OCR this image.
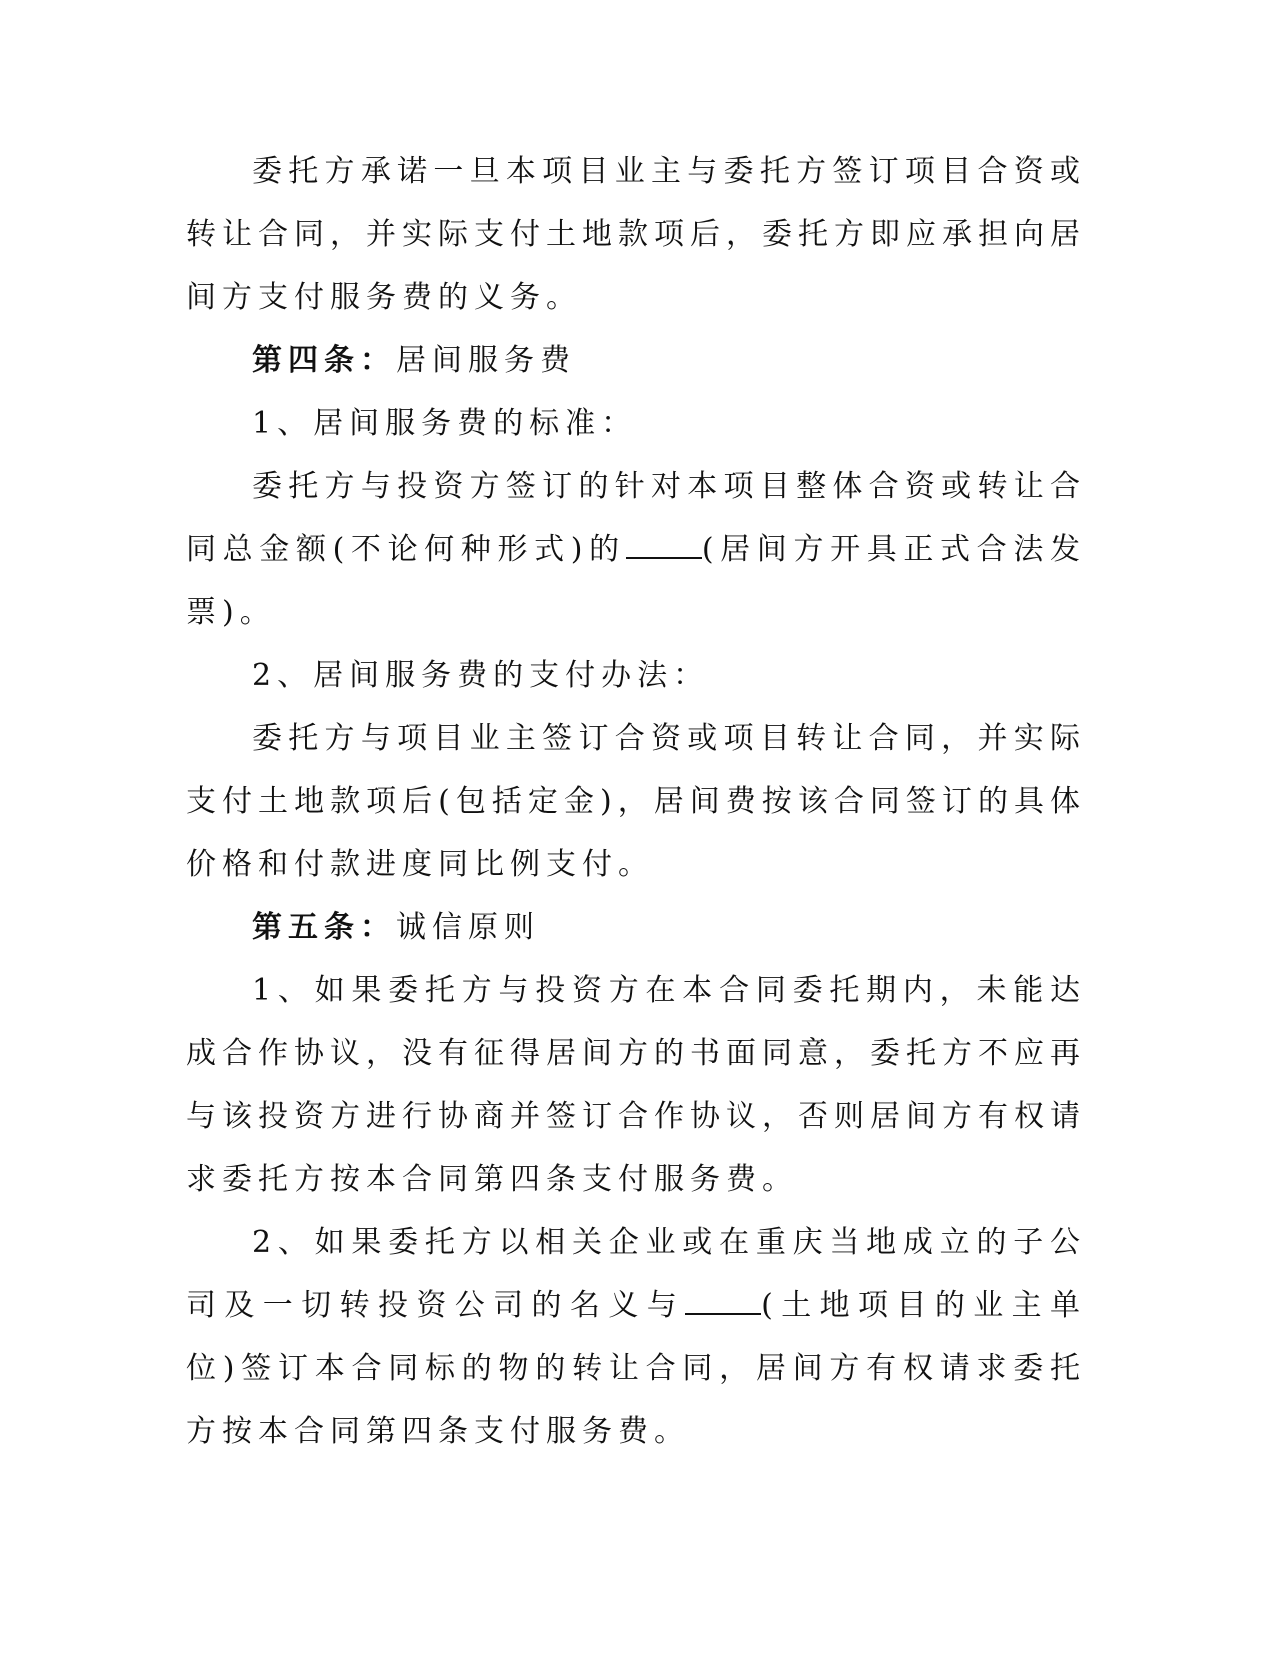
委托方承诺一旦本项目业主与委托方签订项目合资或转让合同，并实际支付土地款项后，委托方即应承担向居间方支付服务费的义务。

第四条：居间服务费

1、居间服务费的标准：

委托方与投资方签订的针对本项目整体合资或转让合同总金额(不论何种形式)的	(居间方开具正式合法发票)。

2、居间服务费的支付办法：

委托方与项目业主签订合资或项目转让合同，并实际支付土地款项后(包括定金)，居间费按该合同签订的具体价格和付款进度同比例支付。

第五条：诚信原则

1、如果委托方与投资方在本合同委托期内，未能达成合作协议，没有征得居间方的书面同意，委托方不应再与该投资方进行协商并签订合作协议，否则居间方有权请求委托方按本合同第四条支付服务费。

2、如果委托方以相关企业或在重庆当地成立的子公司及一切转投资公司的名义与	(土地项目的业主单位)签订本合同标的物的转让合同，居间方有权请求委托方按本合同第四条支付服务费。
